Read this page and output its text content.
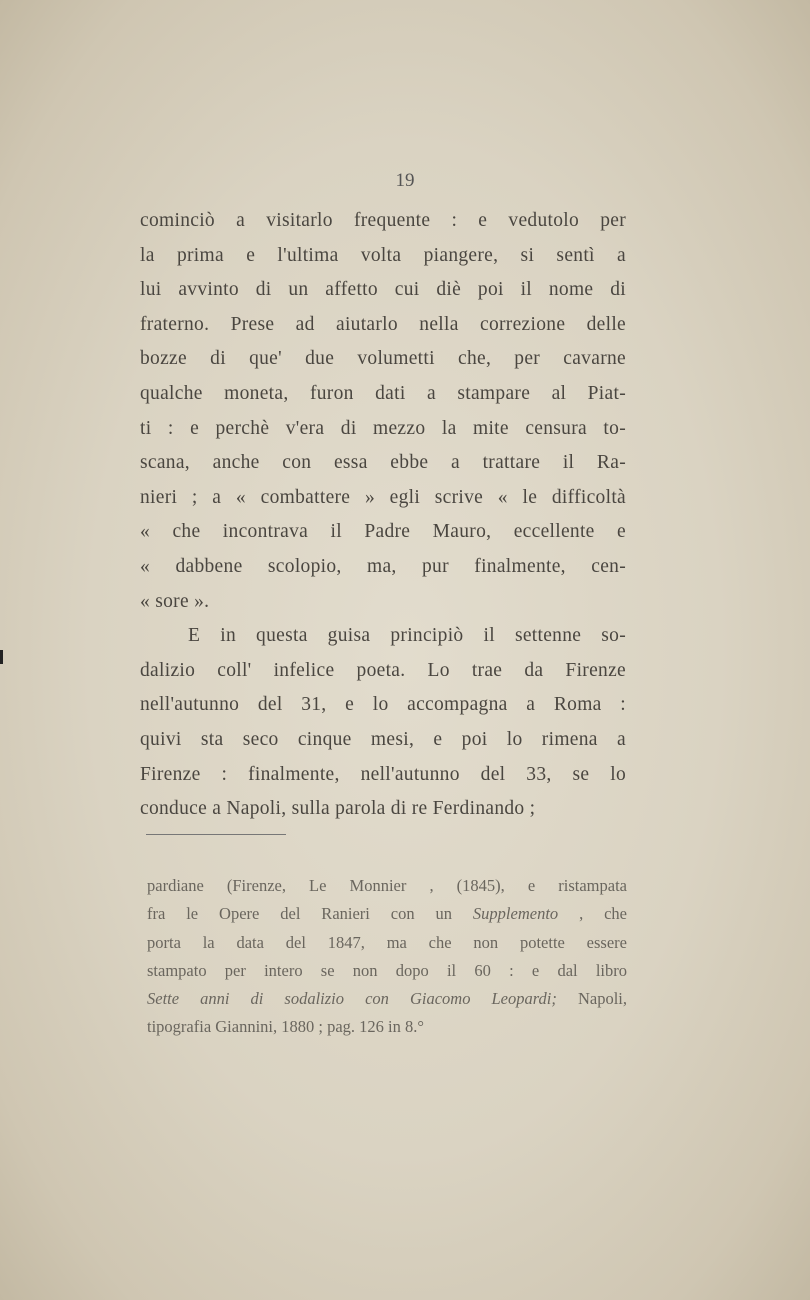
19
cominciò a visitarlo frequente : e vedutolo per
la prima e l'ultima volta piangere, si sentì a
lui avvinto di un affetto cui diè poi il nome di
fraterno. Prese ad aiutarlo nella correzione delle
bozze di que' due volumetti che, per cavarne
qualche moneta, furon dati a stampare al Piat-
ti : e perchè v'era di mezzo la mite censura to-
scana, anche con essa ebbe a trattare il Ra-
nieri ; a « combattere » egli scrive « le difficoltà
« che incontrava il Padre Mauro, eccellente e
« dabbene scolopio, ma, pur finalmente, cen-
« sore ».
E in questa guisa principiò il settenne so-
dalizio coll' infelice poeta. Lo trae da Firenze
nell'autunno del 31, e lo accompagna a Roma :
quivi sta seco cinque mesi, e poi lo rimena a
Firenze : finalmente, nell'autunno del 33, se lo
conduce a Napoli, sulla parola di re Ferdinando ;
pardiane (Firenze, Le Monnier , (1845), e ristampata
fra le Opere del Ranieri con un Supplemento , che
porta la data del 1847, ma che non potette essere
stampato per intero se non dopo il 60 : e dal libro
Sette anni di sodalizio con Giacomo Leopardi; Napoli,
tipografia Giannini, 1880 ; pag. 126 in 8.°
